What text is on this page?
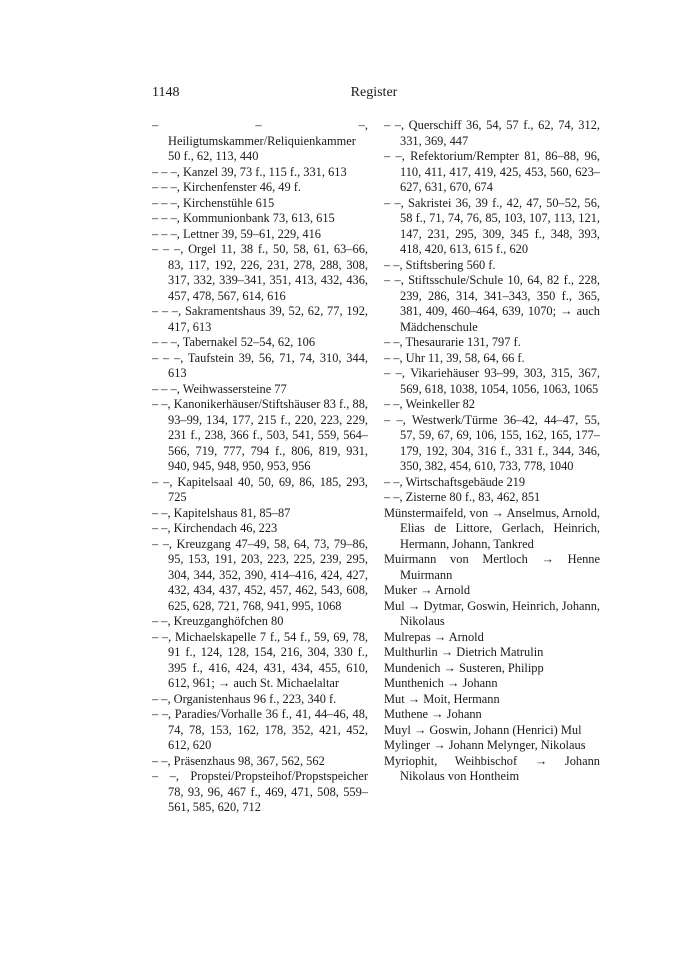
1148	Register

– – –, Heiligtumskammer/Reliquienkammer 50 f., 62, 113, 440

– – –, Kanzel 39, 73 f., 115 f., 331, 613

– – –, Kirchenfenster 46, 49 f.

– – –, Kirchenstühle 615

– – –, Kommunionbank 73, 613, 615

– – –, Lettner 39, 59–61, 229, 416

– – –, Orgel 11, 38 f., 50, 58, 61, 63–66, 83, 117, 192, 226, 231, 278, 288, 308, 317, 332, 339–341, 351, 413, 432, 436, 457, 478, 567, 614, 616

– – –, Sakramentshaus 39, 52, 62, 77, 192, 417, 613

– – –, Tabernakel 52–54, 62, 106

– – –, Taufstein 39, 56, 71, 74, 310, 344, 613

– – –, Weihwassersteine 77

– –, Kanonikerhäuser/Stiftshäuser 83 f., 88, 93–99, 134, 177, 215 f., 220, 223, 229, 231 f., 238, 366 f., 503, 541, 559, 564–566, 719, 777, 794 f., 806, 819, 931, 940, 945, 948, 950, 953, 956

– –, Kapitelsaal 40, 50, 69, 86, 185, 293, 725

– –, Kapitelshaus 81, 85–87

– –, Kirchendach 46, 223

– –, Kreuzgang 47–49, 58, 64, 73, 79–86, 95, 153, 191, 203, 223, 225, 239, 295, 304, 344, 352, 390, 414–416, 424, 427, 432, 434, 437, 452, 457, 462, 543, 608, 625, 628, 721, 768, 941, 995, 1068

– –, Kreuzganghöfchen 80

– –, Michaelskapelle 7 f., 54 f., 59, 69, 78, 91 f., 124, 128, 154, 216, 304, 330 f., 395 f., 416, 424, 431, 434, 455, 610, 612, 961; → auch St. Michaelaltar

– –, Organistenhaus 96 f., 223, 340 f.

– –, Paradies/Vorhalle 36 f., 41, 44–46, 48, 74, 78, 153, 162, 178, 352, 421, 452, 612, 620

– –, Präsenzhaus 98, 367, 562, 562

– –, Propstei/Propsteihof/Propstspeicher 78, 93, 96, 467 f., 469, 471, 508, 559–561, 585, 620, 712

– –, Querschiff 36, 54, 57 f., 62, 74, 312, 331, 369, 447

– –, Refektorium/Rempter 81, 86–88, 96, 110, 411, 417, 419, 425, 453, 560, 623–627, 631, 670, 674

– –, Sakristei 36, 39 f., 42, 47, 50–52, 56, 58 f., 71, 74, 76, 85, 103, 107, 113, 121, 147, 231, 295, 309, 345 f., 348, 393, 418, 420, 613, 615 f., 620

– –, Stiftsbering 560 f.

– –, Stiftsschule/Schule 10, 64, 82 f., 228, 239, 286, 314, 341–343, 350 f., 365, 381, 409, 460–464, 639, 1070; → auch Mädchenschule

– –, Thesaurarie 131, 797 f.

– –, Uhr 11, 39, 58, 64, 66 f.

– –, Vikariehäuser 93–99, 303, 315, 367, 569, 618, 1038, 1054, 1056, 1063, 1065

– –, Weinkeller 82

– –, Westwerk/Türme 36–42, 44–47, 55, 57, 59, 67, 69, 106, 155, 162, 165, 177–179, 192, 304, 316 f., 331 f., 344, 346, 350, 382, 454, 610, 733, 778, 1040

– –, Wirtschaftsgebäude 219

– –, Zisterne 80 f., 83, 462, 851

Münstermaifeld, von → Anselmus, Arnold, Elias de Littore, Gerlach, Heinrich, Hermann, Johann, Tankred

Muirmann von Mertloch → Henne Muirmann

Muker → Arnold

Mul → Dytmar, Goswin, Heinrich, Johann, Nikolaus

Mulrepas → Arnold

Multhurlin → Dietrich Matrulin

Mundenich → Susteren, Philipp

Munthenich → Johann

Mut → Moit, Hermann

Muthene → Johann

Muyl → Goswin, Johann (Henrici) Mul

Mylinger → Johann Melynger, Nikolaus

Myriophit, Weihbischof → Johann Nikolaus von Hontheim
